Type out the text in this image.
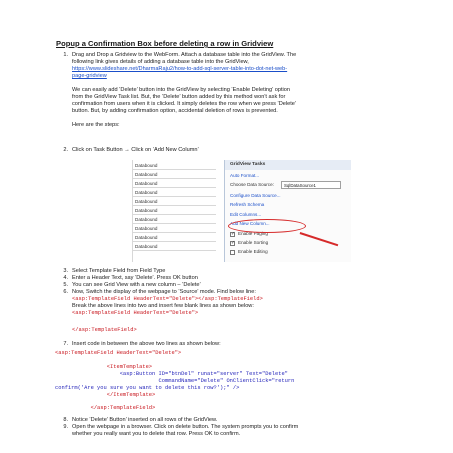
Popup a Confirmation Box before deleting a row in Gridview
1. Drag and Drop a Gridview to the WebForm. Attach a database table into the GridView. The
following link gives details of adding a database table into the GridView,
https://www.slideshare.net/DharmaRaju2/how-to-add-sql-server-table-into-dot-net-web-
page-gridview
We can easily add ‘Delete’ button into the GridView by selecting ‘Enable Deleting’ option
from the GridView Task list. But, the ‘Delete’ button added by this method won't ask for
confirmation from users when it is clicked. It simply deletes the row when we press ‘Delete’
button. But, by adding confirmation option, accidental deletion of rows is prevented.
Here are the steps:
2. Click on Task Button → Click on ‘Add New Column’
Databound
Databound
Databound
Databound
Databound
Databound
Databound
Databound
Databound
Databound
GridView Tasks
Auto Format...
Choose Data Source:	SqlDataSource1
Configure Data Source...
Refresh Schema
Edit Columns...
Add New Column...
✓
Enable Paging
✓
Enable Sorting
Enable Editing
3. Select Template Field from Field Type
4. Enter a Header Text, say ‘Delete’. Press OK button
5. You can see Grid View with a new column – ‘Delete’
6. Now, Switch the display of the webpage to ‘Source’ mode. Find below line:
<asp:TemplateField HeaderText="Delete"></asp:TemplateField>
Break the above lines into two and insert few blank lines as shown below:
<asp:TemplateField HeaderText="Delete">
</asp:TemplateField>
7. Insert code in between the above two lines as shown below:
<asp:TemplateField HeaderText="Delete">
<ItemTemplate>
<asp:Button ID="btnDel" runat="server" Text="Delete"
CommandName="Delete" OnClientClick="return
confirm('Are you sure you want to delete this row?');" />
</ItemTemplate>
</asp:TemplateField>
8. Notice ‘Delete’ Button’ inserted on all rows of the GridView.
9. Open the webpage in a browser. Click on delete button. The system prompts you to confirm
whether you really want you to delete that row. Press OK to confirm.
